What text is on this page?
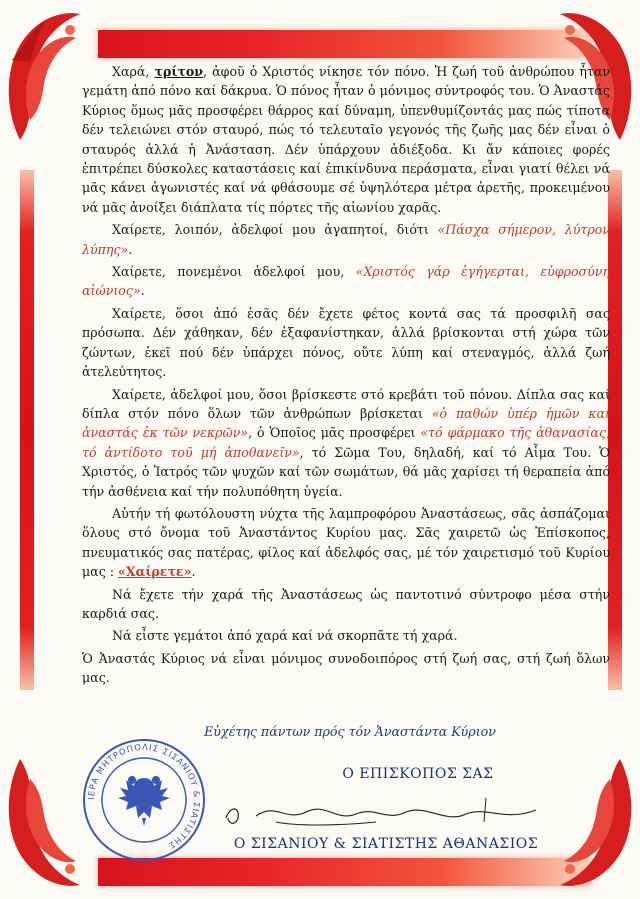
Χαρά, τρίτον, ἀφοῦ ὁ Χριστός νίκησε τόν πόνο. Ἡ ζωή τοῦ ἀνθρώπου ἦταν γεμάτη ἀπό πόνο καί δάκρυα. Ὁ πόνος ἦταν ὁ μόνιμος σύντροφός του. Ὁ Ἀναστάς Κύριος ὅμως μᾶς προσφέρει θάρρος καί δύναμη, ὑπενθυμίζοντάς μας πώς τίποτα δέν τελειώνει στόν σταυρό, πώς τό τελευταῖο γεγονός τῆς ζωῆς μας δέν εἶναι ὁ σταυρός ἀλλά ἡ Ἀνάσταση. Δέν ὑπάρχουν ἀδιέξοδα. Κι ἄν κάποιες φορές ἐπιτρέπει δύσκολες καταστάσεις καί ἐπικίνδυνα περάσματα, εἶναι γιατί θέλει νά μᾶς κάνει ἀγωνιστές καί νά φθάσουμε σέ ὑψηλότερα μέτρα ἀρετῆς, προκειμένου νά μᾶς ἀνοίξει διάπλατα τίς πόρτες τῆς αἰωνίου χαρᾶς.

Χαίρετε, λοιπόν, ἀδελφοί μου ἀγαπητοί, διότι «Πάσχα σήμερον, λύτρον λύπης».

Χαίρετε, πονεμένοι ἀδελφοί μου, «Χριστός γάρ ἐγήγερται, εὐφροσύνη αἰώνιος».

Χαίρετε, ὅσοι ἀπό ἐσᾶς δέν ἔχετε φέτος κοντά σας τά προσφιλῆ σας πρόσωπα. Δέν χάθηκαν, δέν ἐξαφανίστηκαν, ἀλλά βρίσκονται στή χώρα τῶν ζώντων, ἐκεῖ πού δέν ὑπάρχει πόνος, οὔτε λύπη καί στεναγμός, ἀλλά ζωή ἀτελεύτητος.

Χαίρετε, ἀδελφοί μου, ὅσοι βρίσκεστε στό κρεβάτι τοῦ πόνου. Δίπλα σας καί δίπλα στόν πόνο ὅλων τῶν ἀνθρώπων βρίσκεται «ὁ παθών ὑπέρ ἡμῶν καί ἀναστάς ἐκ τῶν νεκρῶν», ὁ Ὁποῖος μᾶς προσφέρει «τό φάρμακο τῆς ἀθανασίας, τό ἀντίδοτο τοῦ μή ἀποθανεῖν», τό Σῶμα Του, δηλαδή, καί τό Αἷμα Του. Ὁ Χριστός, ὁ Ἰατρός τῶν ψυχῶν καί τῶν σωμάτων, θά μᾶς χαρίσει τή θεραπεία ἀπό τήν ἀσθένεια καί τήν πολυπόθητη ὑγεία.

Αὐτήν τή φωτόλουστη νύχτα τῆς λαμπροφόρου Ἀναστάσεως, σᾶς ἀσπάζομαι ὅλους στό ὄνομα τοῦ Ἀναστάντος Κυρίου μας. Σᾶς χαιρετῶ ὡς Ἐπίσκοπος, πνευματικός σας πατέρας, φίλος καί ἀδελφός σας, μέ τόν χαιρετισμό τοῦ Κυρίου μας : «Χαίρετε».

Νά ἔχετε τήν χαρά τῆς Ἀναστάσεως ὡς παντοτινό σύντροφο μέσα στήν καρδιά σας.

Νά εἶστε γεμάτοι ἀπό χαρά καί νά σκορπᾶτε τή χαρά.

Ὁ Ἀναστάς Κύριος νά εἶναι μόνιμος συνοδοιπόρος στή ζωή σας, στή ζωή ὅλων μας.

Εὐχέτης πάντων πρός τόν Ἀναστάντα Κύριον
ΙΕΡΑ ΜΗΤΡΟΠΟΛΙΣ ΣΙΣΑΝΙΟΥ & ΣΙΑΤΙΣΤΗΣ
Ο ΕΠΙΣΚΟΠΟΣ ΣΑΣ
Ο ΣΙΣΑΝΙΟΥ & ΣΙΑΤΙΣΤΗΣ ΑΘΑΝΑΣΙΟΣ
